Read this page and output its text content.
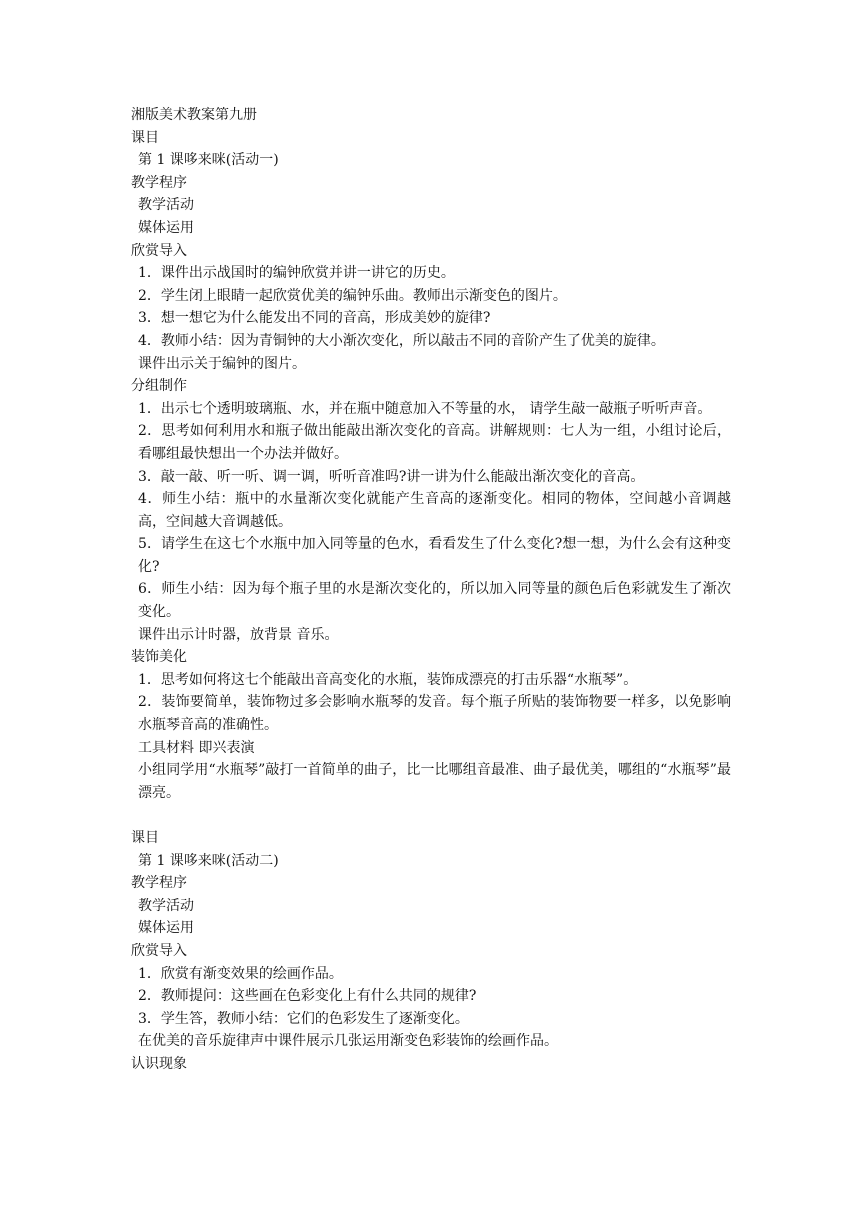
湘版美术教案第九册

课目

第 1 课哆来咪(活动一)

教学程序

教学活动

媒体运用

欣赏导入

1．课件出示战国时的编钟欣赏并讲一讲它的历史。

2．学生闭上眼睛一起欣赏优美的编钟乐曲。教师出示渐变色的图片。

3．想一想它为什么能发出不同的音高，形成美妙的旋律?

4．教师小结：因为青铜钟的大小渐次变化，所以敲击不同的音阶产生了优美的旋律。

课件出示关于编钟的图片。

分组制作

1．出示七个透明玻璃瓶、水，并在瓶中随意加入不等量的水， 请学生敲一敲瓶子听听声音。

2．思考如何利用水和瓶子做出能敲出渐次变化的音高。讲解规则：七人为一组，小组讨论后，看哪组最快想出一个办法并做好。

3．敲一敲、听一听、调一调，听听音准吗?讲一讲为什么能敲出渐次变化的音高。

4．师生小结：瓶中的水量渐次变化就能产生音高的逐渐变化。相同的物体，空间越小音调越高，空间越大音调越低。

5．请学生在这七个水瓶中加入同等量的色水，看看发生了什么变化?想一想，为什么会有这种变化?

6．师生小结：因为每个瓶子里的水是渐次变化的，所以加入同等量的颜色后色彩就发生了渐次变化。

课件出示计时器，放背景 音乐。

装饰美化

1．思考如何将这七个能敲出音高变化的水瓶，装饰成漂亮的打击乐器“水瓶琴”。

2．装饰要简单，装饰物过多会影响水瓶琴的发音。每个瓶子所贴的装饰物要一样多，以免影响水瓶琴音高的准确性。

工具材料 即兴表演

小组同学用“水瓶琴”敲打一首简单的曲子，比一比哪组音最准、曲子最优美，哪组的“水瓶琴”最漂亮。

课目

第 1 课哆来咪(活动二)

教学程序

教学活动

媒体运用

欣赏导入

1．欣赏有渐变效果的绘画作品。

2．教师提问：这些画在色彩变化上有什么共同的规律?

3．学生答，教师小结：它们的色彩发生了逐渐变化。

在优美的音乐旋律声中课件展示几张运用渐变色彩装饰的绘画作品。

认识现象
